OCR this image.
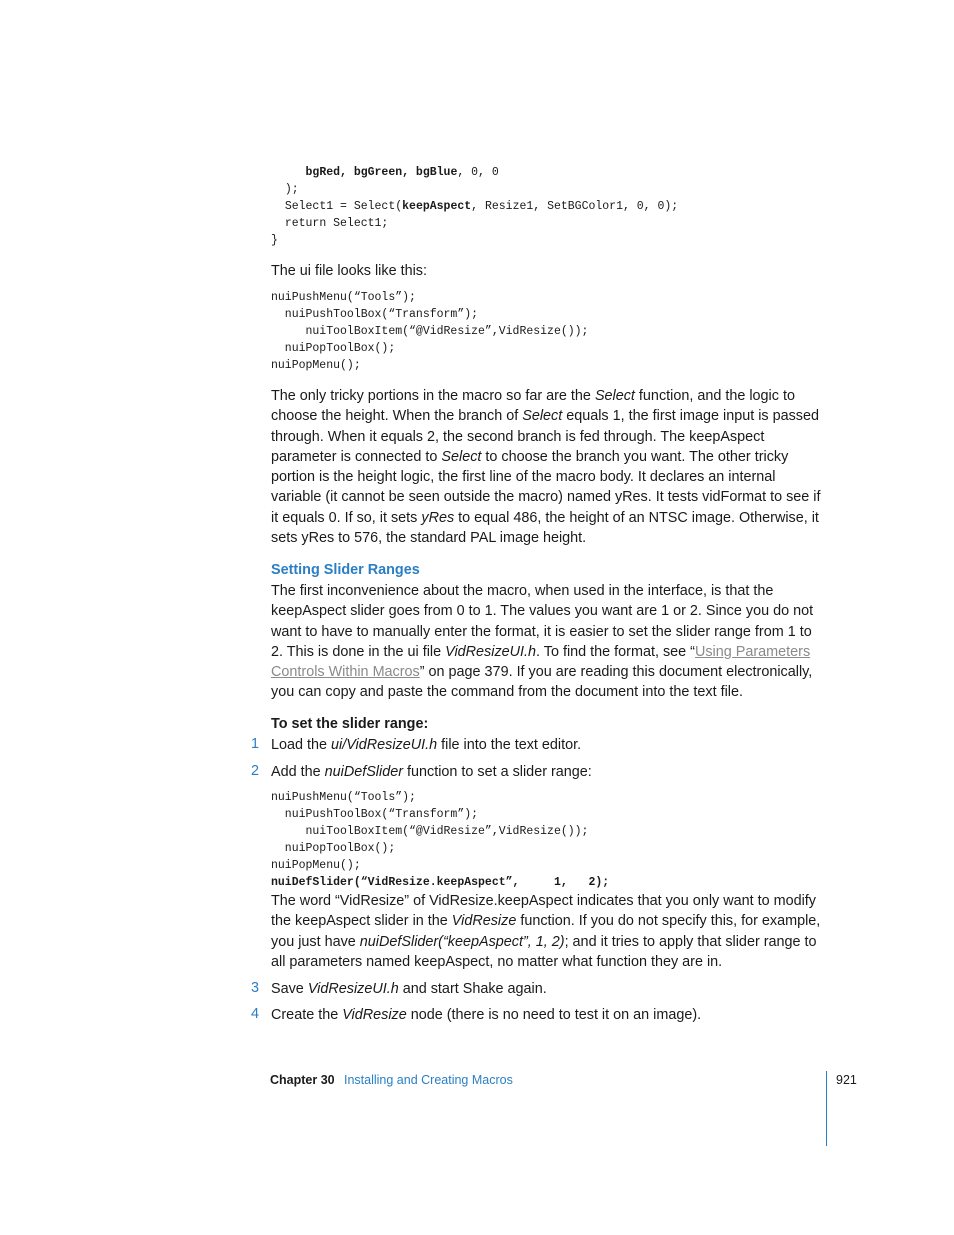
bgRed, bgGreen, bgBlue, 0, 0
);
Select1 = Select(keepAspect, Resize1, SetBGColor1, 0, 0);
return Select1;
}

The ui file looks like this:

nuiPushMenu(“Tools”);
nuiPushToolBox(“Transform”);
nuiToolBoxItem(“@VidResize”,VidResize());
nuiPopToolBox();
nuiPopMenu();

The only tricky portions in the macro so far are the Select function, and the logic to choose the height. When the branch of Select equals 1, the first image input is passed through. When it equals 2, the second branch is fed through. The keepAspect parameter is connected to Select to choose the branch you want. The other tricky portion is the height logic, the first line of the macro body. It declares an internal variable (it cannot be seen outside the macro) named yRes. It tests vidFormat to see if it equals 0. If so, it sets yRes to equal 486, the height of an NTSC image. Otherwise, it sets yRes to 576, the standard PAL image height.

Setting Slider Ranges

The first inconvenience about the macro, when used in the interface, is that the keepAspect slider goes from 0 to 1. The values you want are 1 or 2. Since you do not want to have to manually enter the format, it is easier to set the slider range from 1 to 2. This is done in the ui file VidResizeUI.h. To find the format, see “Using Parameters Controls Within Macros” on page 379. If you are reading this document electronically, you can copy and paste the command from the document into the text file.

To set the slider range:
1 Load the ui/VidResizeUI.h file into the text editor.

2 Add the nuiDefSlider function to set a slider range:

nuiPushMenu(“Tools”);
nuiPushToolBox(“Transform”);
nuiToolBoxItem(“@VidResize”,VidResize());
nuiPopToolBox();
nuiPopMenu();
nuiDefSlider(“VidResize.keepAspect”,     1,   2);

The word “VidResize” of VidResize.keepAspect indicates that you only want to modify the keepAspect slider in the VidResize function. If you do not specify this, for example, you just have nuiDefSlider(“keepAspect”, 1, 2); and it tries to apply that slider range to all parameters named keepAspect, no matter what function they are in.

3 Save VidResizeUI.h and start Shake again.

4 Create the VidResize node (there is no need to test it on an image).

Chapter 30 Installing and Creating Macros	921
